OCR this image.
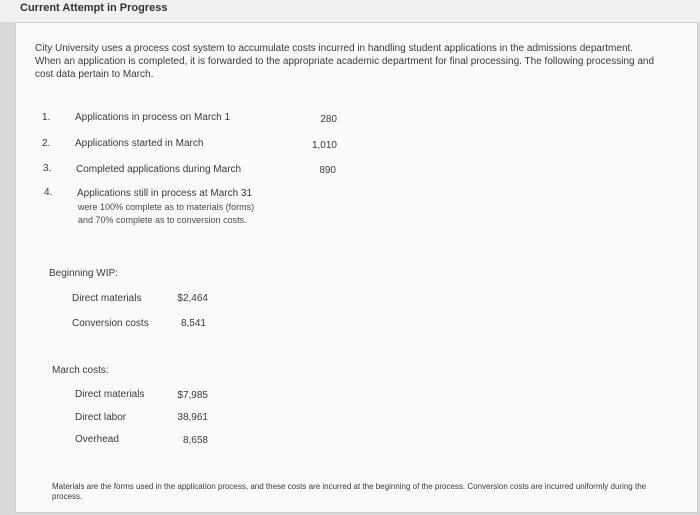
Current Attempt in Progress
City University uses a process cost system to accumulate costs incurred in handling student applications in the admissions department. When an application is completed, it is forwarded to the appropriate academic department for final processing. The following processing and cost data pertain to March.
1. Applications in process on March 1	280
2. Applications started in March	1,010
3. Completed applications during March	890
4. Applications still in process at March 31
were 100% complete as to materials (forms)
and 70% complete as to conversion costs.
Beginning WIP:
Direct materials	$2,464
Conversion costs	8,541
March costs:
Direct materials	$7,985
Direct labor	38,961
Overhead	8,658
Materials are the forms used in the application process, and these costs are incurred at the beginning of the process. Conversion costs are incurred uniformly during the process.
